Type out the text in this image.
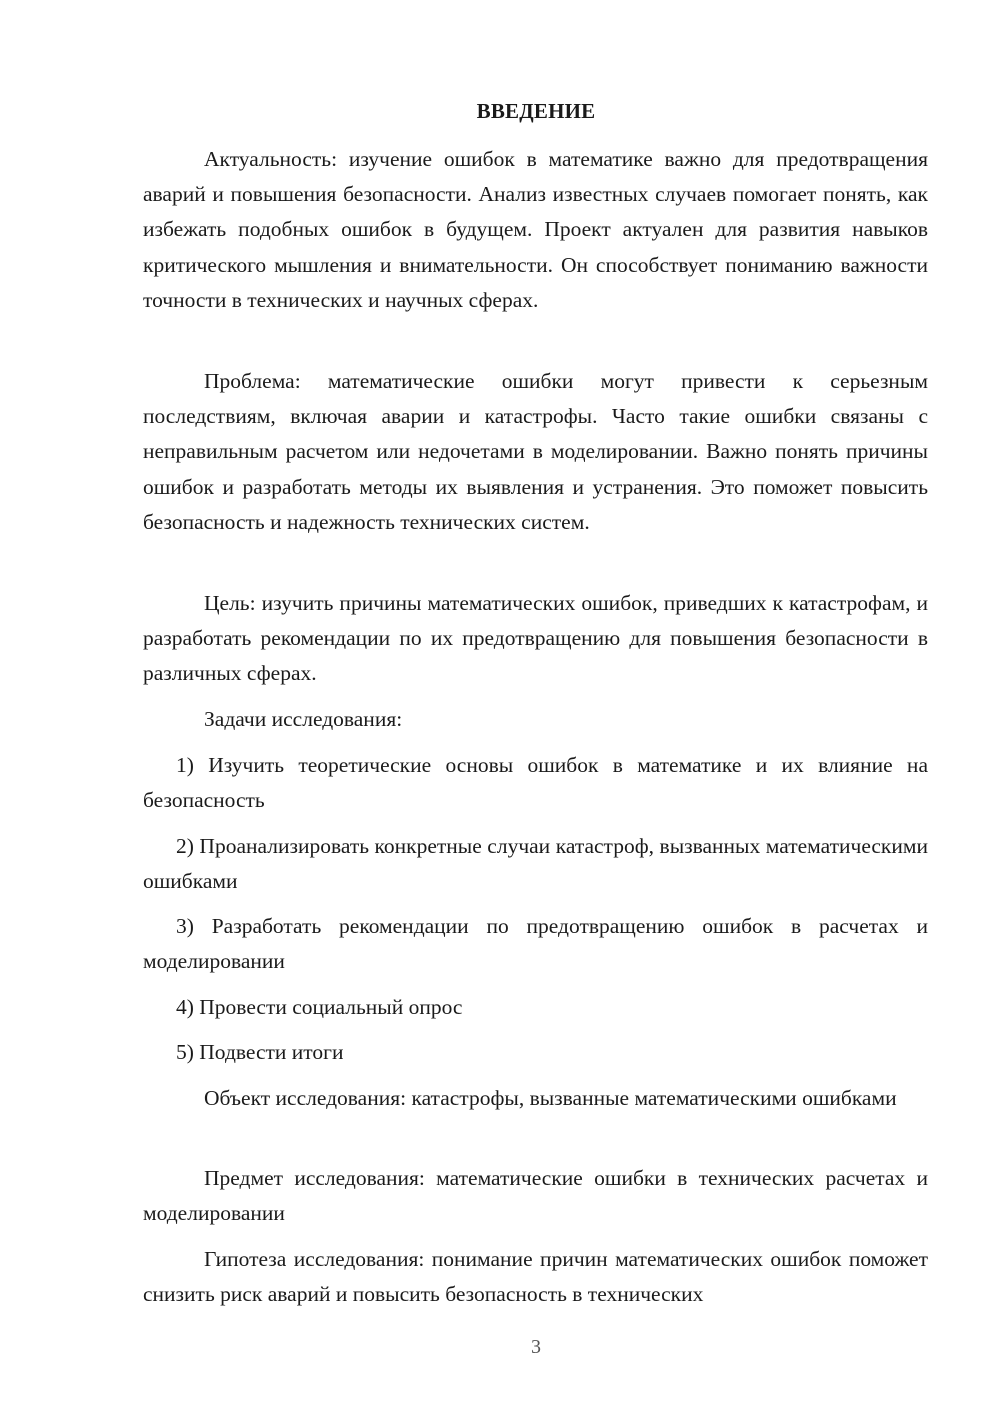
ВВЕДЕНИЕ

Актуальность: изучение ошибок в математике важно для предотвращения аварий и повышения безопасности. Анализ известных случаев помогает понять, как избежать подобных ошибок в будущем. Проект актуален для развития навыков критического мышления и внимательности. Он способствует пониманию важности точности в технических и научных сферах.

Проблема: математические ошибки могут привести к серьезным последствиям, включая аварии и катастрофы. Часто такие ошибки связаны с неправильным расчетом или недочетами в моделировании. Важно понять причины ошибок и разработать методы их выявления и устранения. Это поможет повысить безопасность и надежность технических систем.

Цель: изучить причины математических ошибок, приведших к катастрофам, и разработать рекомендации по их предотвращению для повышения безопасности в различных сферах.

Задачи исследования:

1) Изучить теоретические основы ошибок в математике и их влияние на безопасность

2) Проанализировать конкретные случаи катастроф, вызванных математическими ошибками

3) Разработать рекомендации по предотвращению ошибок в расчетах и моделировании

4) Провести социальный опрос

5) Подвести итоги

Объект исследования: катастрофы, вызванные математическими ошибками

Предмет исследования: математические ошибки в технических расчетах и моделировании

Гипотеза исследования: понимание причин математических ошибок поможет снизить риск аварий и повысить безопасность в технических

3
